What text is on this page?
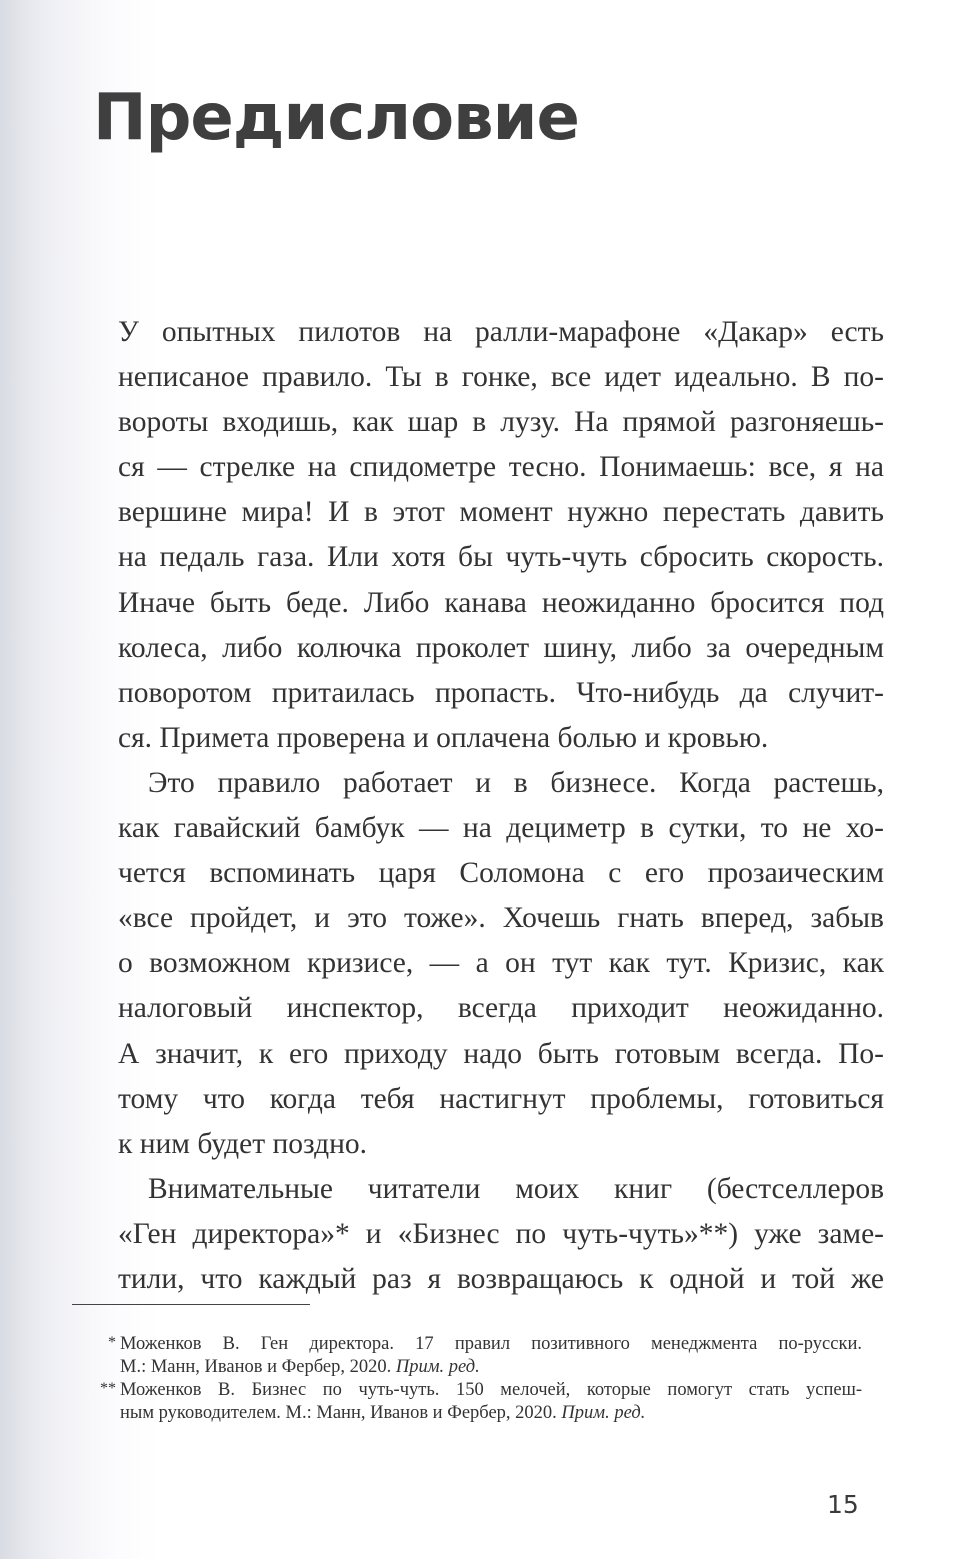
Предисловие
У опытных пилотов на ралли-марафоне «Дакар» есть
неписаное правило. Ты в гонке, все идет идеально. В по-
вороты входишь, как шар в лузу. На прямой разгоняешь-
ся — стрелке на спидометре тесно. Понимаешь: все, я на
вершине мира! И в этот момент нужно перестать давить
на педаль газа. Или хотя бы чуть-чуть сбросить скорость.
Иначе быть беде. Либо канава неожиданно бросится под
колеса, либо колючка проколет шину, либо за очередным
поворотом притаилась пропасть. Что-нибудь да случит-
ся. Примета проверена и оплачена болью и кровью.
Это правило работает и в бизнесе. Когда растешь,
как гавайский бамбук — на дециметр в сутки, то не хо-
чется вспоминать царя Соломона с его прозаическим
«все пройдет, и это тоже». Хочешь гнать вперед, забыв
о возможном кризисе, — а он тут как тут. Кризис, как
налоговый инспектор, всегда приходит неожиданно.
А значит, к его приходу надо быть готовым всегда. По-
тому что когда тебя настигнут проблемы, готовиться
к ним будет поздно.
Внимательные читатели моих книг (бестселлеров
«Ген директора»* и «Бизнес по чуть-чуть»**) уже заме-
тили, что каждый раз я возвращаюсь к одной и той же
* Моженков В. Ген директора. 17 правил позитивного менеджмента по-русски.
М.: Манн, Иванов и Фербер, 2020. Прим. ред.
** Моженков В. Бизнес по чуть-чуть. 150 мелочей, которые помогут стать успеш-
ным руководителем. М.: Манн, Иванов и Фербер, 2020. Прим. ред.
15
